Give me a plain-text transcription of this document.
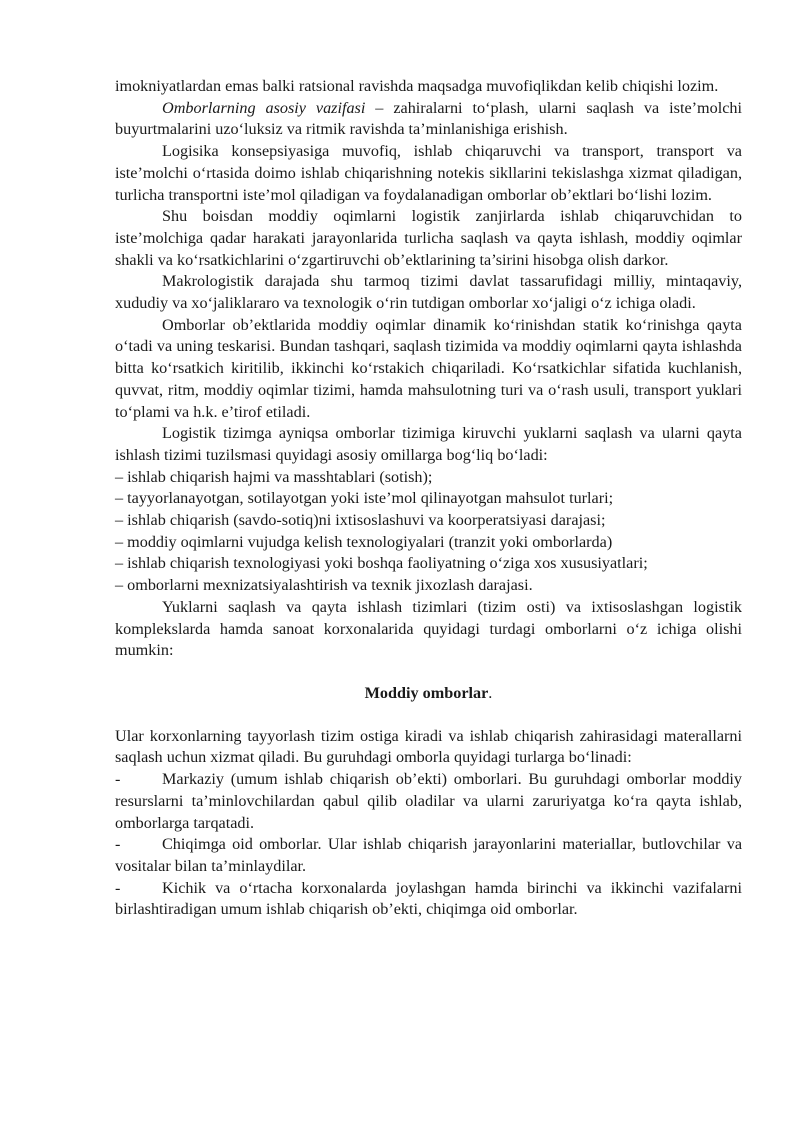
imokniyatlardan emas balki ratsional ravishda maqsadga muvofiqlikdan kelib chiqishi lozim.

Omborlarning asosiy vazifasi – zahiralarni to‘plash, ularni saqlash va iste’molchi buyurtmalarini uzo‘luksiz va ritmik ravishda ta’minlanishiga erishish.

Logisika konsepsiyasiga muvofiq, ishlab chiqaruvchi va transport, transport va iste’molchi o‘rtasida doimo ishlab chiqarishning notekis sikllarini tekislashga xizmat qiladigan, turlicha transportni iste’mol qiladigan va foydalanadigan omborlar ob’ektlari bo‘lishi lozim.

Shu boisdan moddiy oqimlarni logistik zanjirlarda ishlab chiqaruvchidan to iste’molchiga qadar harakati jarayonlarida turlicha saqlash va qayta ishlash, moddiy oqimlar shakli va ko‘rsatkichlarini o‘zgartiruvchi ob’ektlarining ta’sirini hisobga olish darkor.

Makrologistik darajada shu tarmoq tizimi davlat tassarufidagi milliy, mintaqaviy, xududiy va xo‘jaliklararo va texnologik o‘rin tutdigan omborlar xo‘jaligi o‘z ichiga oladi.

Omborlar ob’ektlarida moddiy oqimlar dinamik ko‘rinishdan statik ko‘rinishga qayta o‘tadi va uning teskarisi. Bundan tashqari, saqlash tizimida va moddiy oqimlarni qayta ishlashda bitta ko‘rsatkich kiritilib, ikkinchi ko‘rstakich chiqariladi. Ko‘rsatkichlar sifatida kuchlanish, quvvat, ritm, moddiy oqimlar tizimi, hamda mahsulotning turi va o‘rash usuli, transport yuklari to‘plami va h.k. e’tirof etiladi.

Logistik tizimga ayniqsa omborlar tizimiga kiruvchi yuklarni saqlash va ularni qayta ishlash tizimi tuzilsmasi quyidagi asosiy omillarga bog‘liq bo‘ladi:

– ishlab chiqarish hajmi va masshtablari (sotish);

– tayyorlanayotgan, sotilayotgan yoki iste’mol qilinayotgan mahsulot turlari;

– ishlab chiqarish (savdo-sotiq)ni ixtisoslashuvi va koorperatsiyasi darajasi;

– moddiy oqimlarni vujudga kelish texnologiyalari (tranzit yoki omborlarda)

– ishlab chiqarish texnologiyasi yoki boshqa faoliyatning o‘ziga xos xususiyatlari;

– omborlarni mexnizatsiyalashtirish va texnik jixozlash darajasi.

Yuklarni saqlash va qayta ishlash tizimlari (tizim osti) va ixtisoslashgan logistik komplekslarda hamda sanoat korxonalarida quyidagi turdagi omborlarni o‘z ichiga olishi mumkin:

Moddiy omborlar.

Ular korxonlarning tayyorlash tizim ostiga kiradi va ishlab chiqarish zahirasidagi materallarni saqlash uchun xizmat qiladi. Bu guruhdagi omborla quyidagi turlarga bo‘linadi:

-	Markaziy (umum ishlab chiqarish ob’ekti) omborlari. Bu guruhdagi omborlar moddiy resurslarni ta’minlovchilardan qabul qilib oladilar va ularni zaruriyatga ko‘ra qayta ishlab, omborlarga tarqatadi.

-	Chiqimga oid omborlar. Ular ishlab chiqarish jarayonlarini materiallar, butlovchilar va vositalar bilan ta’minlaydilar.

-	Kichik va o‘rtacha korxonalarda joylashgan hamda birinchi va ikkinchi vazifalarni birlashtiradigan umum ishlab chiqarish ob’ekti, chiqimga oid omborlar.
